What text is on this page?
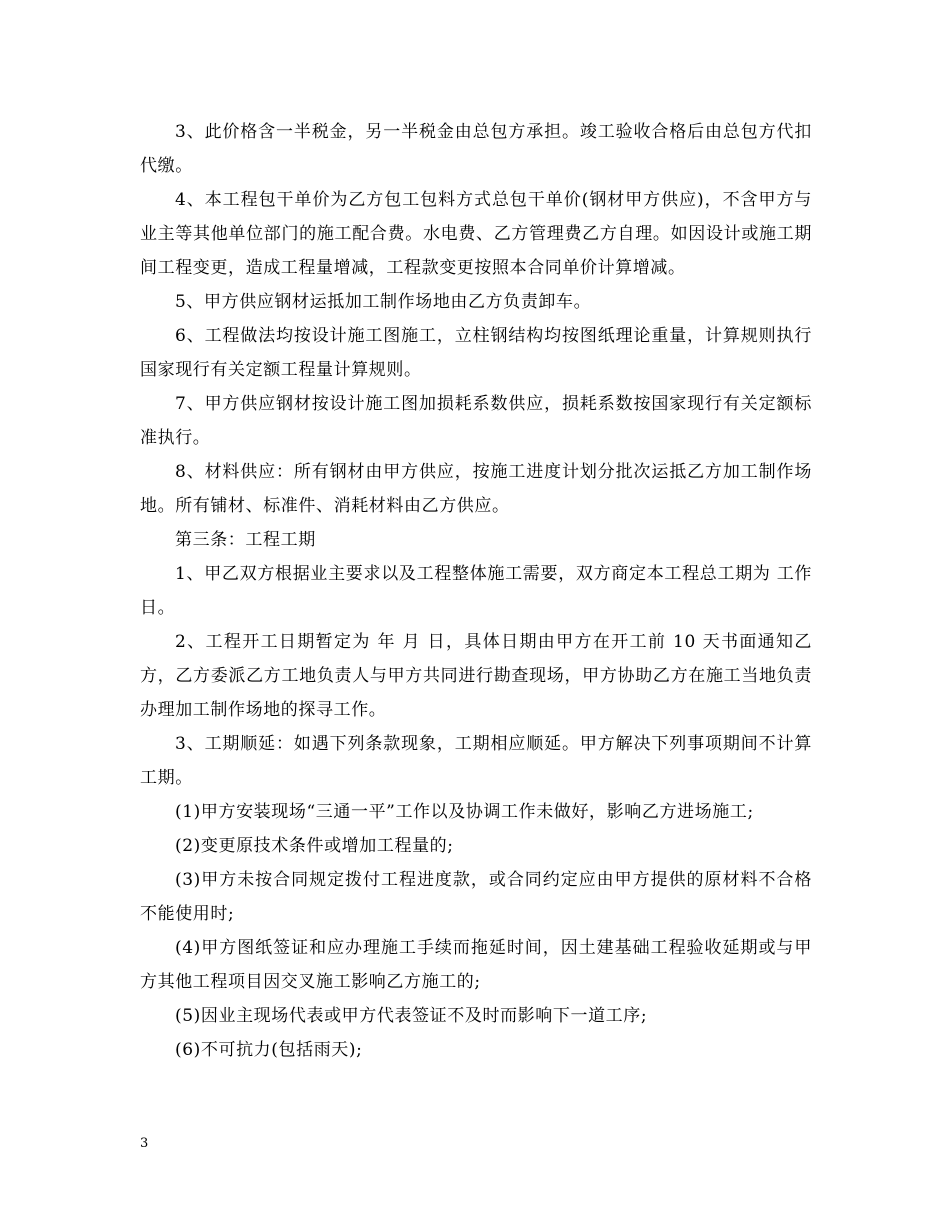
3、此价格含一半税金，另一半税金由总包方承担。竣工验收合格后由总包方代扣代缴。

4、本工程包干单价为乙方包工包料方式总包干单价(钢材甲方供应)，不含甲方与业主等其他单位部门的施工配合费。水电费、乙方管理费乙方自理。如因设计或施工期间工程变更，造成工程量增减，工程款变更按照本合同单价计算增减。

5、甲方供应钢材运抵加工制作场地由乙方负责卸车。

6、工程做法均按设计施工图施工，立柱钢结构均按图纸理论重量，计算规则执行国家现行有关定额工程量计算规则。

7、甲方供应钢材按设计施工图加损耗系数供应，损耗系数按国家现行有关定额标准执行。

8、材料供应：所有钢材由甲方供应，按施工进度计划分批次运抵乙方加工制作场地。所有铺材、标准件、消耗材料由乙方供应。

第三条：工程工期

1、甲乙双方根据业主要求以及工程整体施工需要，双方商定本工程总工期为 工作日。

2、工程开工日期暂定为 年 月 日，具体日期由甲方在开工前 10 天书面通知乙方，乙方委派乙方工地负责人与甲方共同进行勘查现场，甲方协助乙方在施工当地负责办理加工制作场地的探寻工作。

3、工期顺延：如遇下列条款现象，工期相应顺延。甲方解决下列事项期间不计算工期。

(1)甲方安装现场“三通一平”工作以及协调工作未做好，影响乙方进场施工;

(2)变更原技术条件或增加工程量的;

(3)甲方未按合同规定拨付工程进度款，或合同约定应由甲方提供的原材料不合格不能使用时;

(4)甲方图纸签证和应办理施工手续而拖延时间，因土建基础工程验收延期或与甲方其他工程项目因交叉施工影响乙方施工的;

(5)因业主现场代表或甲方代表签证不及时而影响下一道工序;

(6)不可抗力(包括雨天);

3
